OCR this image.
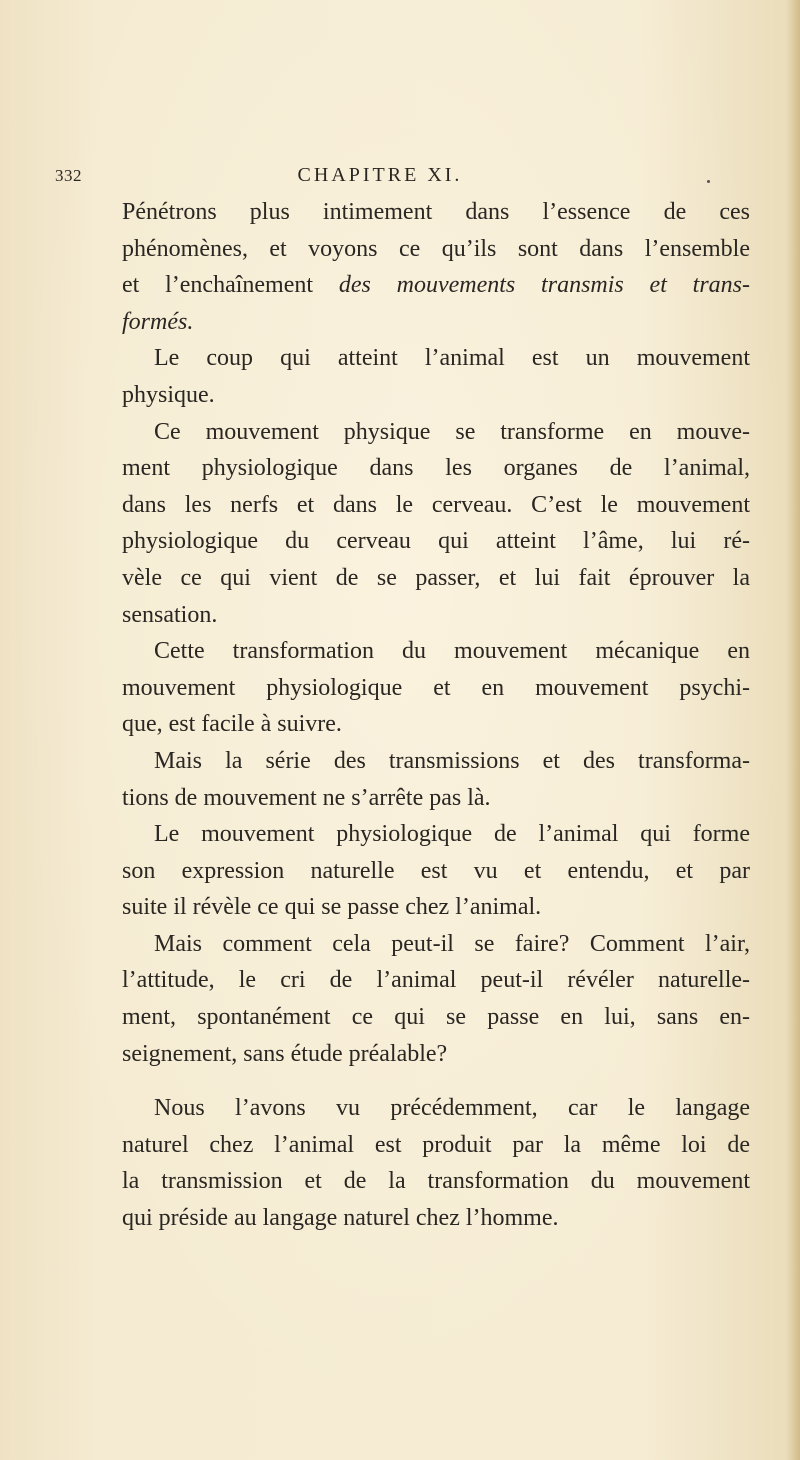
332	CHAPITRE XI.
Pénétrons plus intimement dans l’essence de ces
phénomènes, et voyons ce qu’ils sont dans l’ensemble
et l’enchaînement des mouvements transmis et trans-
formés.
Le coup qui atteint l’animal est un mouvement
physique.
Ce mouvement physique se transforme en mouve-
ment physiologique dans les organes de l’animal,
dans les nerfs et dans le cerveau. C’est le mouvement
physiologique du cerveau qui atteint l’âme, lui ré-
vèle ce qui vient de se passer, et lui fait éprouver la
sensation.
Cette transformation du mouvement mécanique en
mouvement physiologique et en mouvement psychi-
que, est facile à suivre.
Mais la série des transmissions et des transforma-
tions de mouvement ne s’arrête pas là.
Le mouvement physiologique de l’animal qui forme
son expression naturelle est vu et entendu, et par
suite il révèle ce qui se passe chez l’animal.
Mais comment cela peut-il se faire? Comment l’air,
l’attitude, le cri de l’animal peut-il révéler naturelle-
ment, spontanément ce qui se passe en lui, sans en-
seignement, sans étude préalable?
Nous l’avons vu précédemment, car le langage
naturel chez l’animal est produit par la même loi de
la transmission et de la transformation du mouvement
qui préside au langage naturel chez l’homme.
